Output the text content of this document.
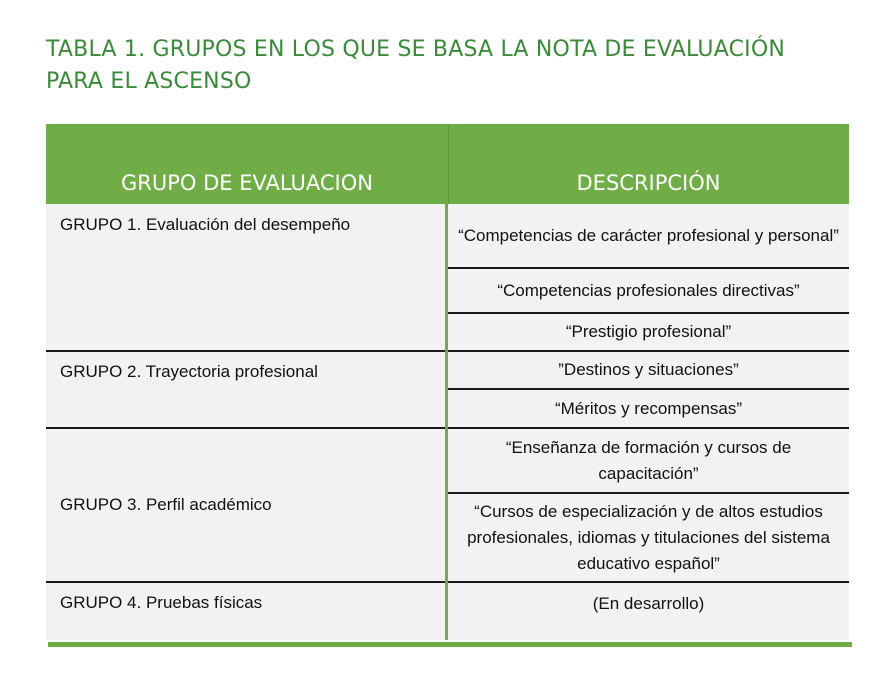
TABLA 1. GRUPOS EN LOS QUE SE BASA LA NOTA DE EVALUACIÓN
PARA EL ASCENSO
GRUPO DE EVALUACION	DESCRIPCIÓN
GRUPO 1. Evaluación del desempeño
GRUPO 2. Trayectoria profesional
GRUPO 3. Perfil académico
GRUPO 4. Pruebas físicas
“Competencias de carácter profesional y personal”
“Competencias profesionales directivas”
“Prestigio profesional”
”Destinos y situaciones”
“Méritos y recompensas”
“Enseñanza de formación y cursos de capacitación”
“Cursos de especialización y de altos estudios profesionales, idiomas y titulaciones del sistema educativo español”
(En desarrollo)
